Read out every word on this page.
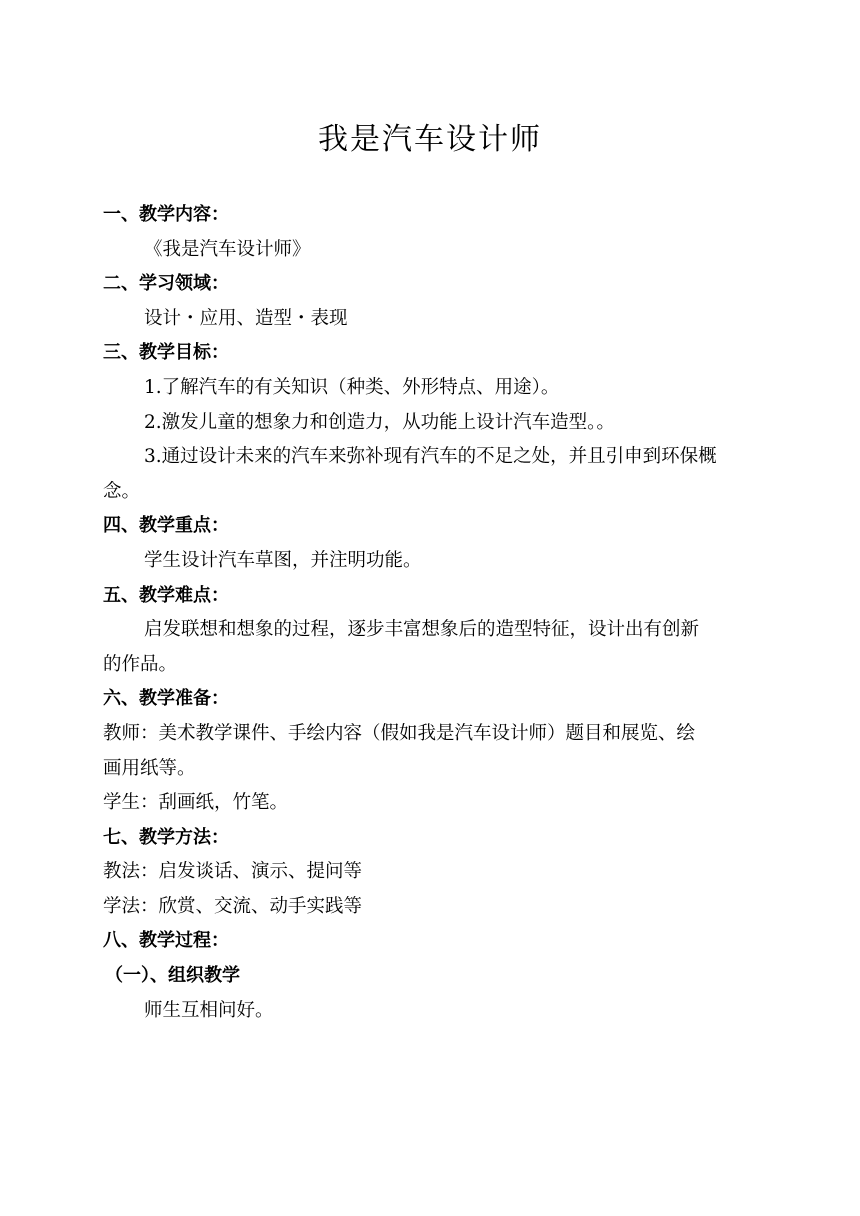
我是汽车设计师

一、教学内容：

《我是汽车设计师》

二、学习领域：

设计・应用、造型・表现

三、教学目标：

1.了解汽车的有关知识（种类、外形特点、用途）。

2.激发儿童的想象力和创造力，从功能上设计汽车造型。。

3.通过设计未来的汽车来弥补现有汽车的不足之处，并且引申到环保概

念。

四、教学重点：

学生设计汽车草图，并注明功能。

五、教学难点：

启发联想和想象的过程，逐步丰富想象后的造型特征，设计出有创新

的作品。

六、教学准备：

教师：美术教学课件、手绘内容（假如我是汽车设计师）题目和展览、绘

画用纸等。

学生：刮画纸，竹笔。

七、教学方法：

教法：启发谈话、演示、提问等

学法：欣赏、交流、动手实践等

八、教学过程：

（一）、组织教学

师生互相问好。
